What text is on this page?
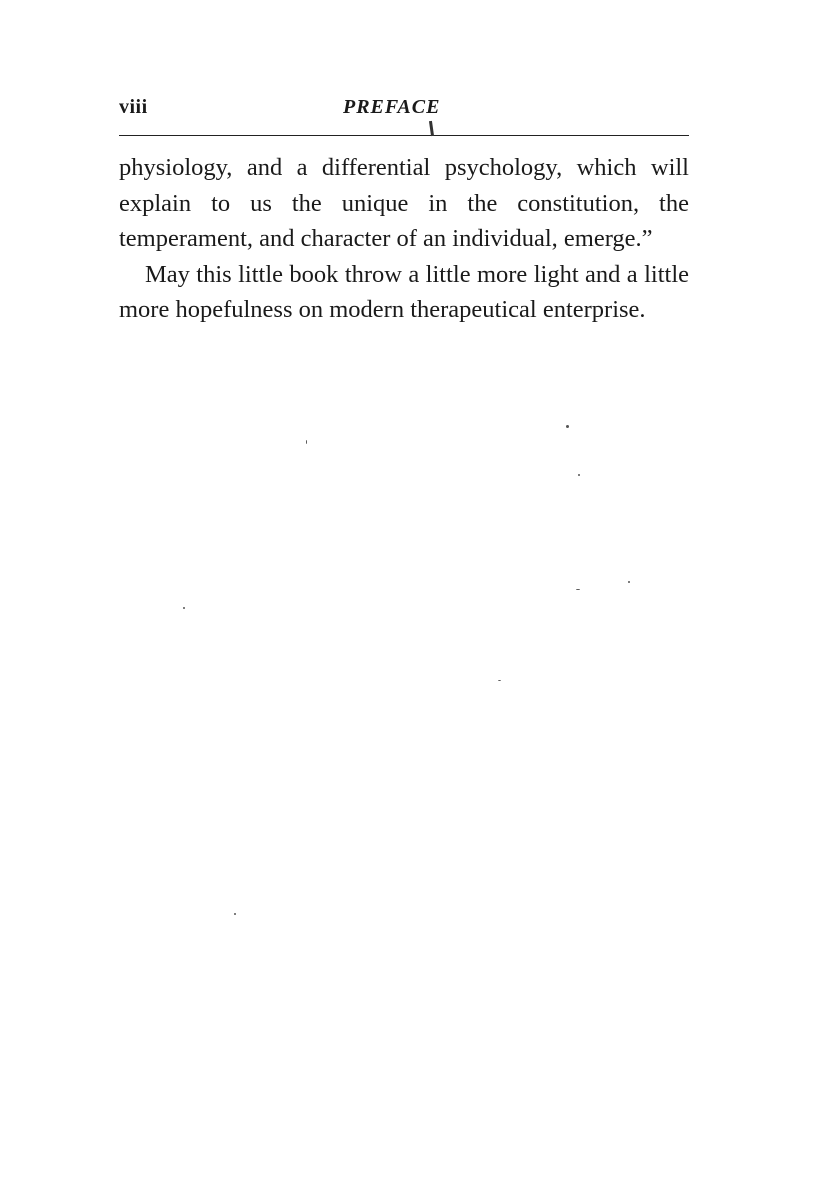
viii	PREFACE

physiology, and a differential psychology, which will explain to us the unique in the constitution, the temperament, and character of an individual, emerge.”

May this little book throw a little more light and a little more hopefulness on modern therapeutical enterprise.
